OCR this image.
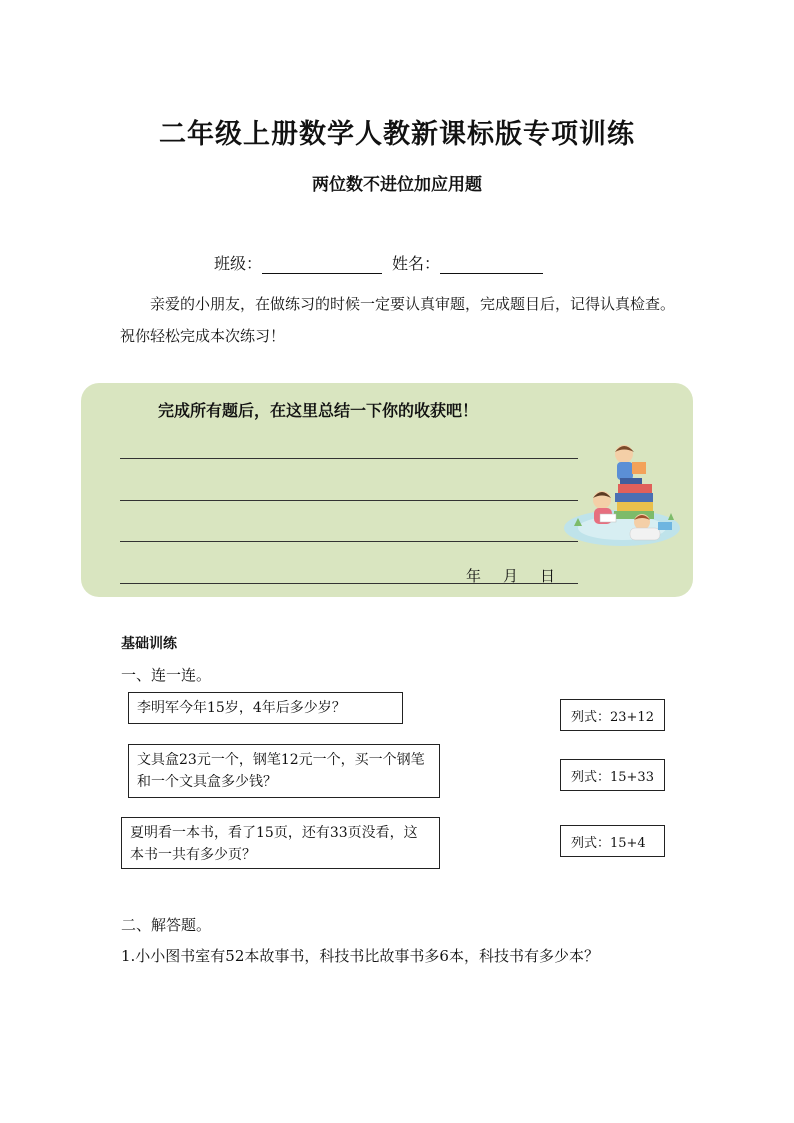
二年级上册数学人教新课标版专项训练
两位数不进位加应用题
班级：	姓名：
亲爱的小朋友，在做练习的时候一定要认真审题，完成题目后，记得认真检查。祝你轻松完成本次练习！
完成所有题后，在这里总结一下你的收获吧！
年 月 日
基础训练
一、连一连。
李明军今年15岁，4年后多少岁？
文具盒23元一个，钢笔12元一个，买一个钢笔和一个文具盒多少钱？
夏明看一本书，看了15页，还有33页没看，这本书一共有多少页？
列式：23+12
列式：15+33
列式：15+4
二、解答题。
1.小小图书室有52本故事书，科技书比故事书多6本，科技书有多少本？
